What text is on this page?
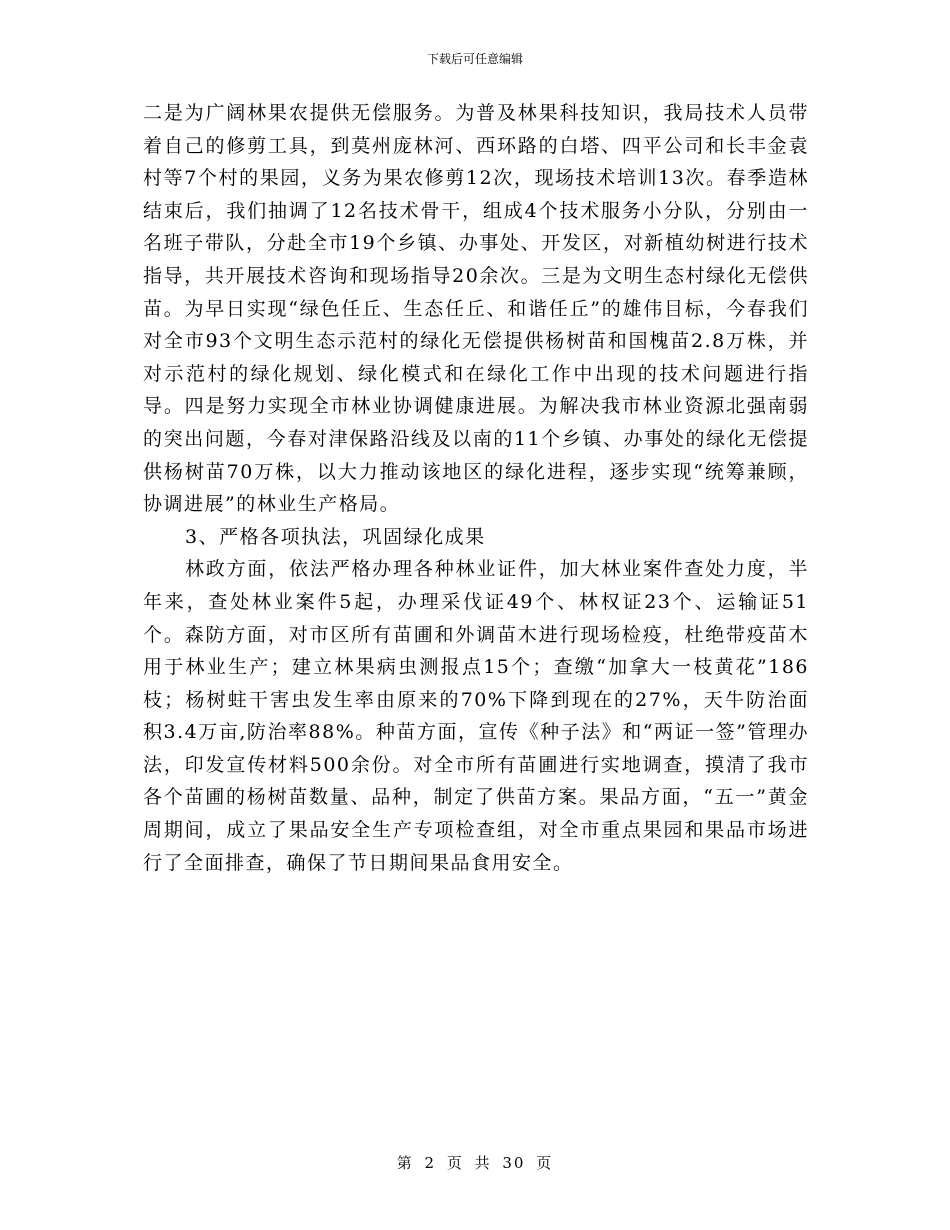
下载后可任意编辑

二是为广阔林果农提供无偿服务。为普及林果科技知识，我局技术人员带着自己的修剪工具，到莫州庞林河、西环路的白塔、四平公司和长丰金袁村等7个村的果园，义务为果农修剪12次，现场技术培训13次。春季造林结束后，我们抽调了12名技术骨干，组成4个技术服务小分队，分别由一名班子带队，分赴全市19个乡镇、办事处、开发区，对新植幼树进行技术指导，共开展技术咨询和现场指导20余次。三是为文明生态村绿化无偿供苗。为早日实现“绿色任丘、生态任丘、和谐任丘”的雄伟目标，今春我们对全市93个文明生态示范村的绿化无偿提供杨树苗和国槐苗2.8万株，并对示范村的绿化规划、绿化模式和在绿化工作中出现的技术问题进行指导。四是努力实现全市林业协调健康进展。为解决我市林业资源北强南弱的突出问题，今春对津保路沿线及以南的11个乡镇、办事处的绿化无偿提供杨树苗70万株，以大力推动该地区的绿化进程，逐步实现“统筹兼顾，协调进展”的林业生产格局。

3、严格各项执法，巩固绿化成果

林政方面，依法严格办理各种林业证件，加大林业案件查处力度，半年来，查处林业案件5起，办理采伐证49个、林权证23个、运输证51个。森防方面，对市区所有苗圃和外调苗木进行现场检疫，杜绝带疫苗木用于林业生产；建立林果病虫测报点15个；查缴“加拿大一枝黄花”186枝；杨树蛀干害虫发生率由原来的70%下降到现在的27%，天牛防治面积3.4万亩,防治率88%。种苗方面，宣传《种子法》和“两证一签”管理办法，印发宣传材料500余份。对全市所有苗圃进行实地调查，摸清了我市各个苗圃的杨树苗数量、品种，制定了供苗方案。果品方面，“五一”黄金周期间，成立了果品安全生产专项检查组，对全市重点果园和果品市场进行了全面排查，确保了节日期间果品食用安全。

第 2 页 共 30 页
